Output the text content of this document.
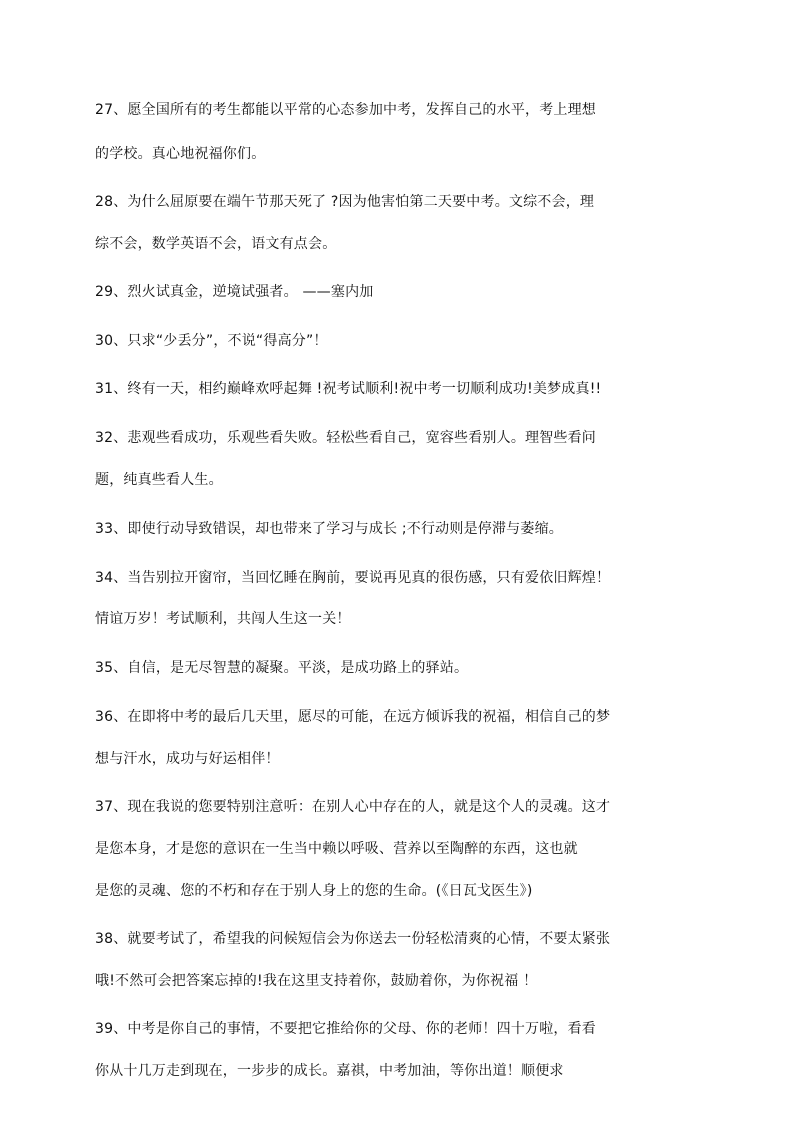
27、愿全国所有的考生都能以平常的心态参加中考，发挥自己的水平，考上理想
的学校。真心地祝福你们。
28、为什么屈原要在端午节那天死了 ?因为他害怕第二天要中考。文综不会，理
综不会，数学英语不会，语文有点会。
29、烈火试真金，逆境试强者。 ——塞内加
30、只求“少丢分”，不说“得高分”！
31、终有一天，相约巅峰欢呼起舞 !祝考试顺利!祝中考一切顺利成功!美梦成真!!
32、悲观些看成功，乐观些看失败。轻松些看自己，宽容些看别人。理智些看问
题，纯真些看人生。
33、即使行动导致错误，却也带来了学习与成长 ;不行动则是停滞与萎缩。
34、当告别拉开窗帘，当回忆睡在胸前，要说再见真的很伤感，只有爱依旧辉煌！
情谊万岁！考试顺利，共闯人生这一关！
35、自信，是无尽智慧的凝聚。平淡，是成功路上的驿站。
36、在即将中考的最后几天里，愿尽的可能，在远方倾诉我的祝福，相信自己的梦
想与汗水，成功与好运相伴！
37、现在我说的您要特别注意听：在别人心中存在的人，就是这个人的灵魂。这才
是您本身，才是您的意识在一生当中赖以呼吸、营养以至陶醉的东西，这也就
是您的灵魂、您的不朽和存在于别人身上的您的生命。(《日瓦戈医生》)
38、就要考试了，希望我的问候短信会为你送去一份轻松清爽的心情，不要太紧张
哦!不然可会把答案忘掉的!我在这里支持着你，鼓励着你，为你祝福 ！
39、中考是你自己的事情，不要把它推给你的父母、你的老师！四十万啦，看看
你从十几万走到现在，一步步的成长。嘉祺，中考加油，等你出道！顺便求
